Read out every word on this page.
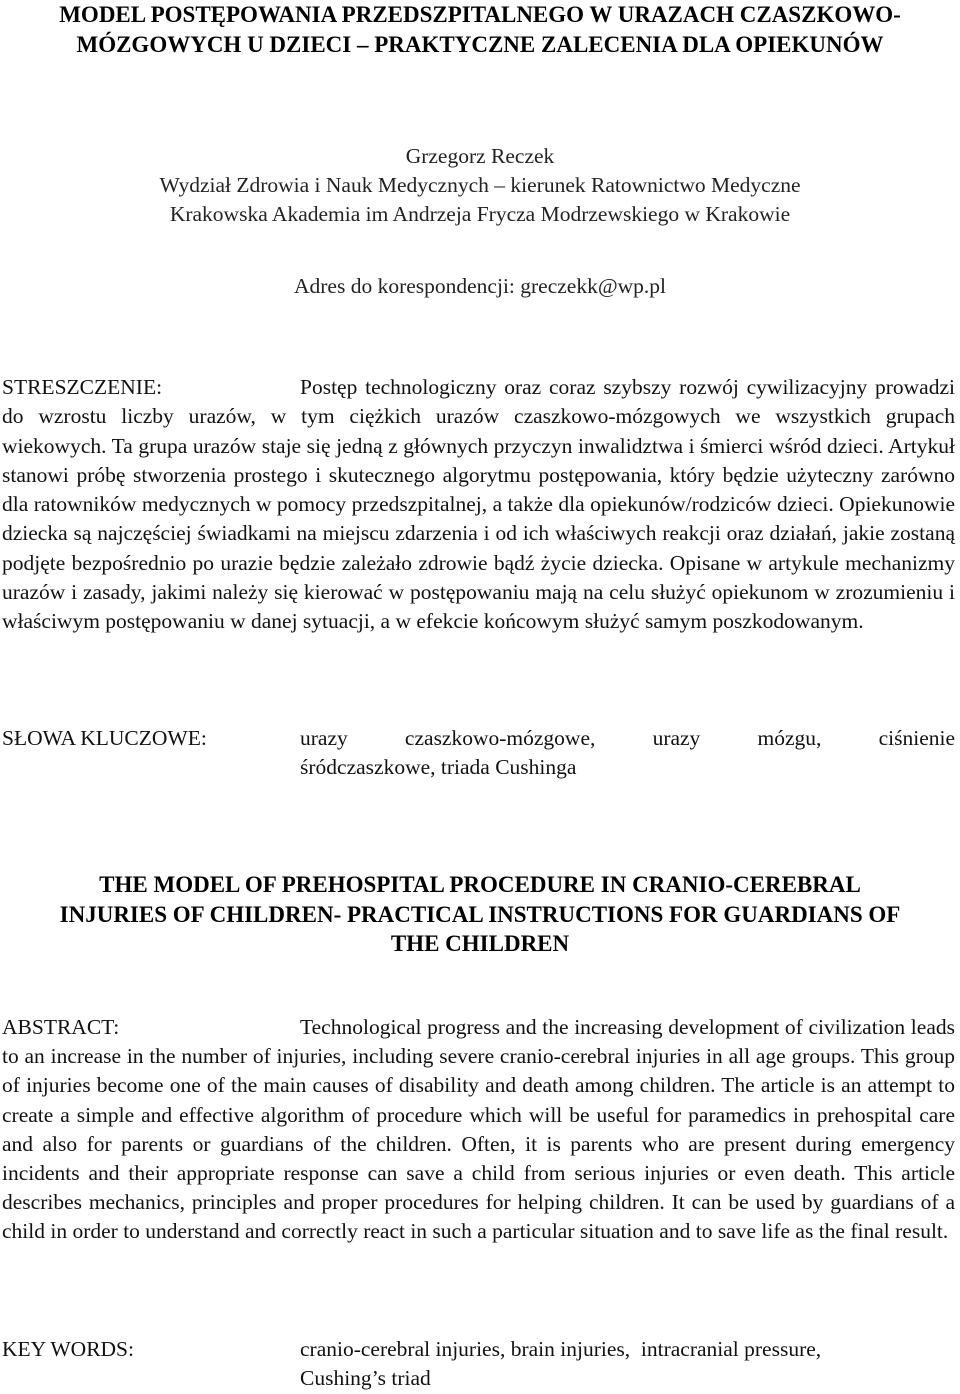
MODEL POSTĘPOWANIA PRZEDSZPITALNEGO W URAZACH CZASZKOWO-
MÓZGOWYCH U DZIECI – PRAKTYCZNE ZALECENIA DLA OPIEKUNÓW
Grzegorz Reczek
Wydział Zdrowia i Nauk Medycznych – kierunek Ratownictwo Medyczne
Krakowska Akademia im Andrzeja Frycza Modrzewskiego w Krakowie
Adres do korespondencji: greczekk@wp.pl
STRESZCZENIE:	Postęp technologiczny oraz coraz szybszy rozwój cywilizacyjny prowadzi do wzrostu liczby urazów, w tym ciężkich urazów czaszkowo-mózgowych we wszystkich grupach wiekowych. Ta grupa urazów staje się jedną z głównych przyczyn inwalidztwa i śmierci wśród dzieci. Artykuł stanowi próbę stworzenia prostego i skutecznego algorytmu postępowania, który będzie użyteczny zarówno dla ratowników medycznych w pomocy przedszpitalnej, a także dla opiekunów/rodziców dzieci. Opiekunowie dziecka są najczęściej świadkami na miejscu zdarzenia i od ich właściwych reakcji oraz działań, jakie zostaną podjęte bezpośrednio po urazie będzie zależało zdrowie bądź życie dziecka. Opisane w artykule mechanizmy urazów i zasady, jakimi należy się kierować w postępowaniu mają na celu służyć opiekunom w zrozumieniu i właściwym postępowaniu w danej sytuacji, a w efekcie końcowym służyć samym poszkodowanym.
SŁOWA KLUCZOWE:	urazy czaszkowo-mózgowe, urazy mózgu, ciśnienie
śródczaszkowe, triada Cushinga
THE MODEL OF PREHOSPITAL PROCEDURE IN CRANIO-CEREBRAL
INJURIES OF CHILDREN- PRACTICAL INSTRUCTIONS FOR GUARDIANS OF
THE CHILDREN
ABSTRACT:	Technological progress and the increasing development of civilization leads to an increase in the number of injuries, including severe cranio-cerebral injuries in all age groups. This group of injuries become one of the main causes of disability and death among children. The article is an attempt to create a simple and effective algorithm of procedure which will be useful for paramedics in prehospital care and also for parents or guardians of the children. Often, it is parents who are present during emergency incidents and their appropriate response can save a child from serious injuries or even death. This article describes mechanics, principles and proper procedures for helping children. It can be used by guardians of a child in order to understand and correctly react in such a particular situation and to save life as the final result.
KEY WORDS:	cranio-cerebral injuries, brain injuries,  intracranial pressure,
Cushing’s triad
